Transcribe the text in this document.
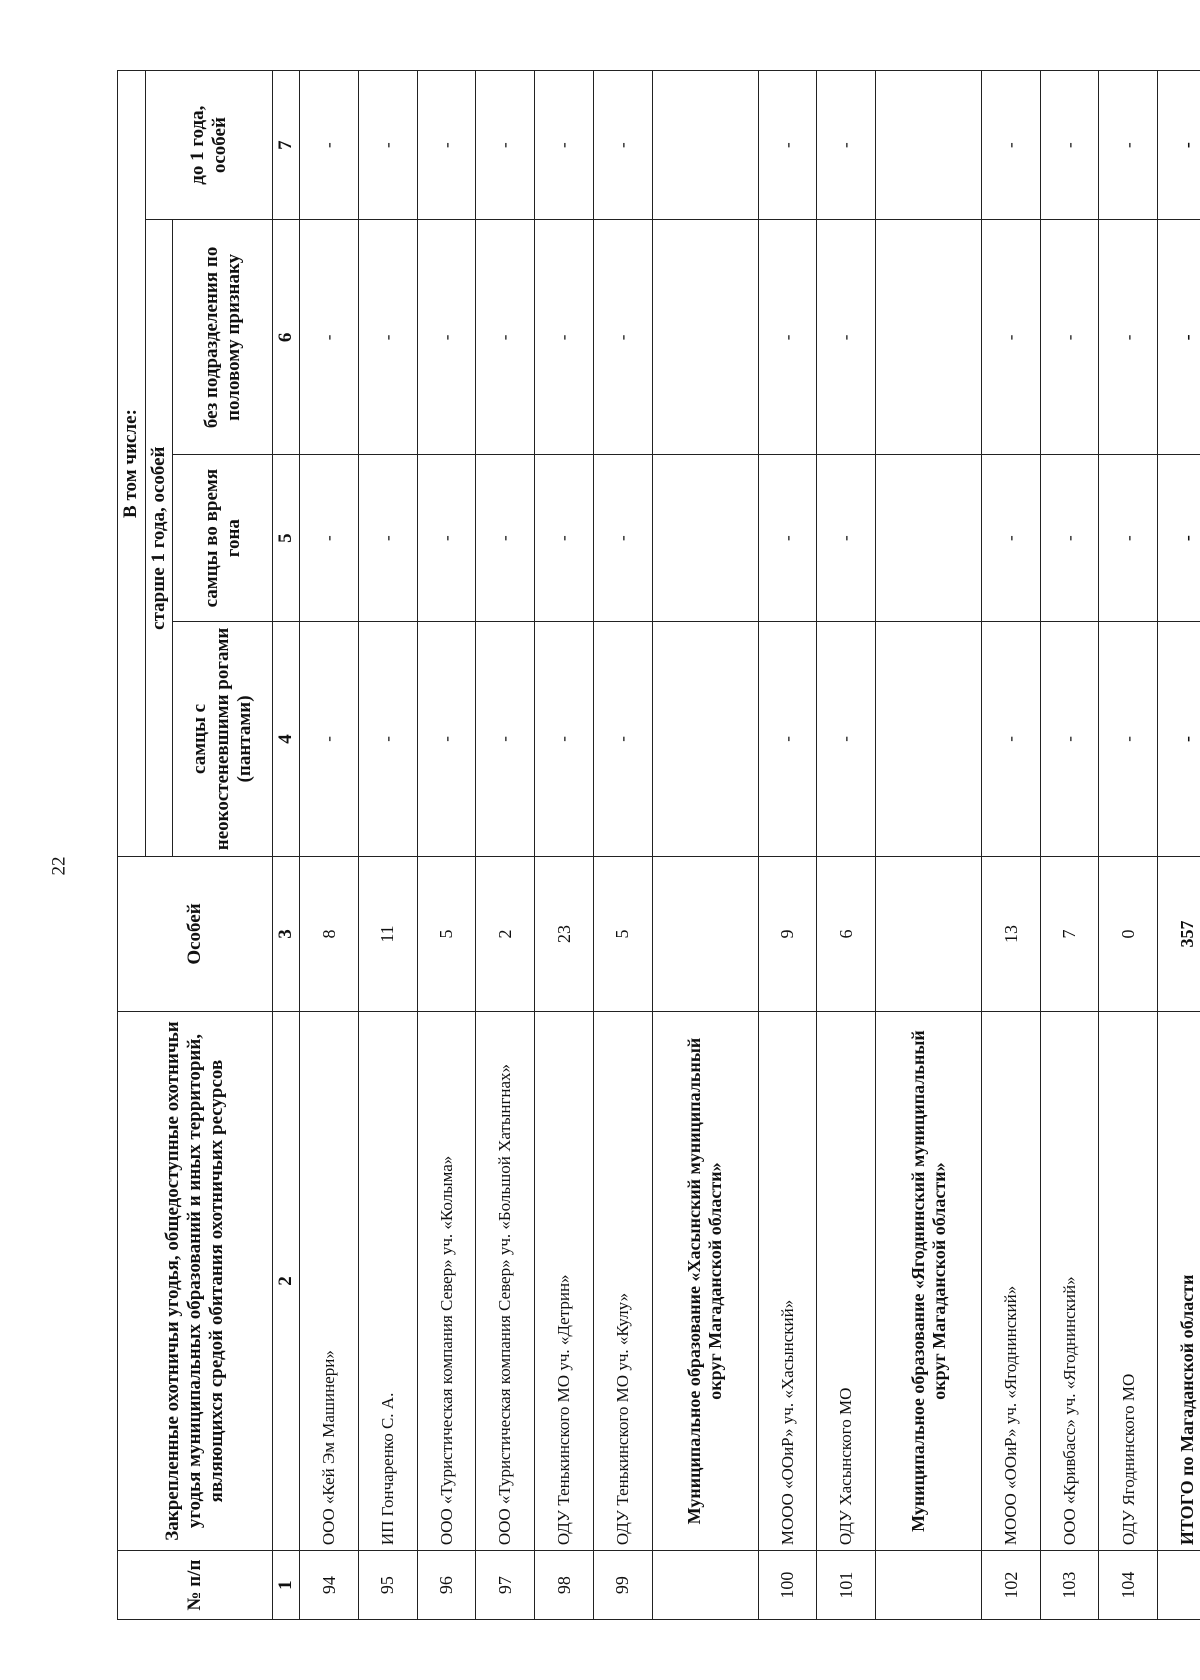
22
№ п/п	Закрепленные охотничьи угодья, общедоступные охотничьи угодья муниципальных образований и иных территорий, являющихся средой обитания охотничьих ресурсов	Особей	В том числе:			
			старше 1 года, особей			до 1 года, особей
			самцы с неокостеневшими рогами (пантами)	самцы во время гона	без подразделения по половому признаку	
1	2	3	4	5	6	7
94	ООО «Кей Эм Машинери»	8	-	-	-	-
95	ИП Гончаренко С. А.	11	-	-	-	-
96	ООО «Туристическая компания Север» уч. «Колыма»	5	-	-	-	-
97	ООО «Туристическая компания Север» уч. «Большой Хатынгнах»	2	-	-	-	-
98	ОДУ Тенькинского МО уч. «Детрин»	23	-	-	-	-
99	ОДУ Тенькинского МО уч. «Кулу»	5	-	-	-	-
	Муниципальное образование «Хасынский муниципальный округ Магаданской области»					
100	МООО «ООиР» уч. «Хасынский»	9	-	-	-	-
101	ОДУ Хасынского МО	6	-	-	-	-
	Муниципальное образование «Ягоднинский муниципальный округ Магаданской области»					
102	МООО «ООиР» уч. «Ягоднинский»	13	-	-	-	-
103	ООО «Кривбасс» уч. «Ягоднинский»	7	-	-	-	-
104	ОДУ Ягоднинского МО	0	-	-	-	-
	ИТОГО по Магаданской области	357	-	-	-	-
